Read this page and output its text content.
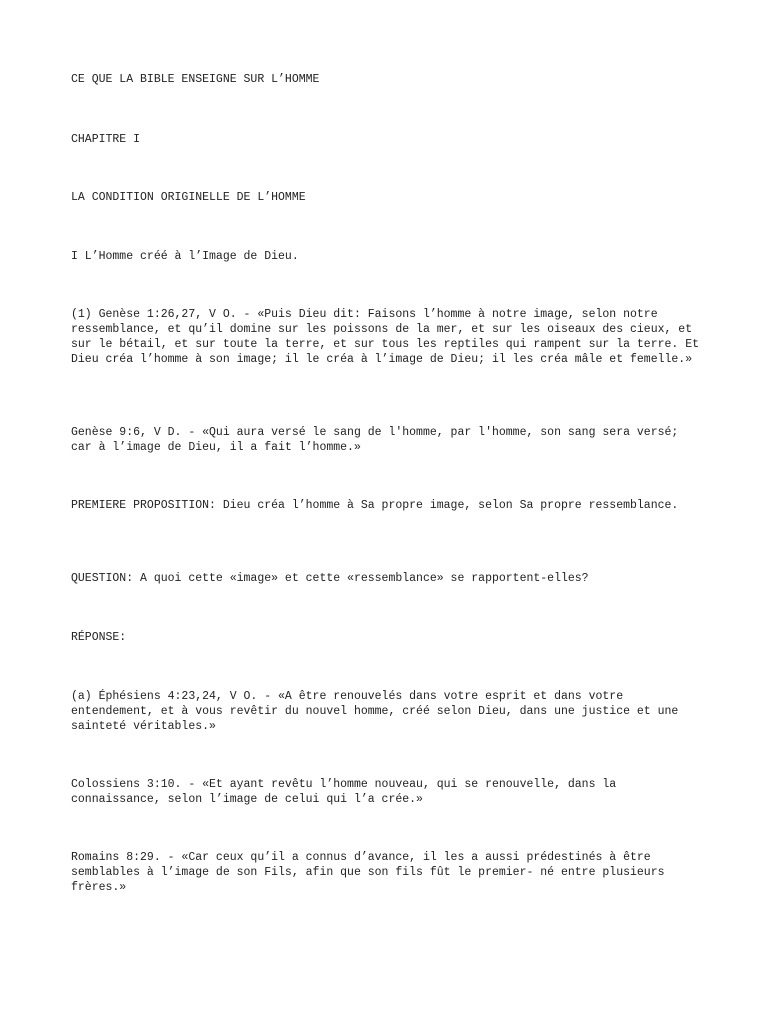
CE QUE LA BIBLE ENSEIGNE SUR L’HOMME

CHAPITRE I

LA CONDITION ORIGINELLE DE L’HOMME

I L’Homme créé à l’Image de Dieu.

(1) Genèse 1:26,27, V O. - «Puis Dieu dit: Faisons l’homme à notre image, selon notre ressemblance, et qu’il domine sur les poissons de la mer, et sur les oiseaux des cieux, et sur le bétail, et sur toute la terre, et sur tous les reptiles qui rampent sur la terre. Et Dieu créa l’homme à son image; il le créa à l’image de Dieu; il les créa mâle et femelle.»

Genèse 9:6, V D. - «Qui aura versé le sang de l'homme, par l'homme, son sang sera versé; car à l’image de Dieu, il a fait l’homme.»

PREMIERE PROPOSITION: Dieu créa l’homme à Sa propre image, selon Sa propre ressemblance.

QUESTION: A quoi cette «image» et cette «ressemblance» se rapportent-elles?

RÉPONSE:

(a) Éphésiens 4:23,24, V O. - «A être renouvelés dans votre esprit et dans votre entendement, et à vous revêtir du nouvel homme, créé selon Dieu, dans une justice et une sainteté véritables.»

Colossiens 3:10. - «Et ayant revêtu l’homme nouveau, qui se renouvelle, dans la connaissance, selon l’image de celui qui l’a crée.»

Romains 8:29. - «Car ceux qu’il a connus d’avance, il les a aussi prédestinés à être semblables à l’image de son Fils, afin que son fils fût le premier- né entre plusieurs frères.»
